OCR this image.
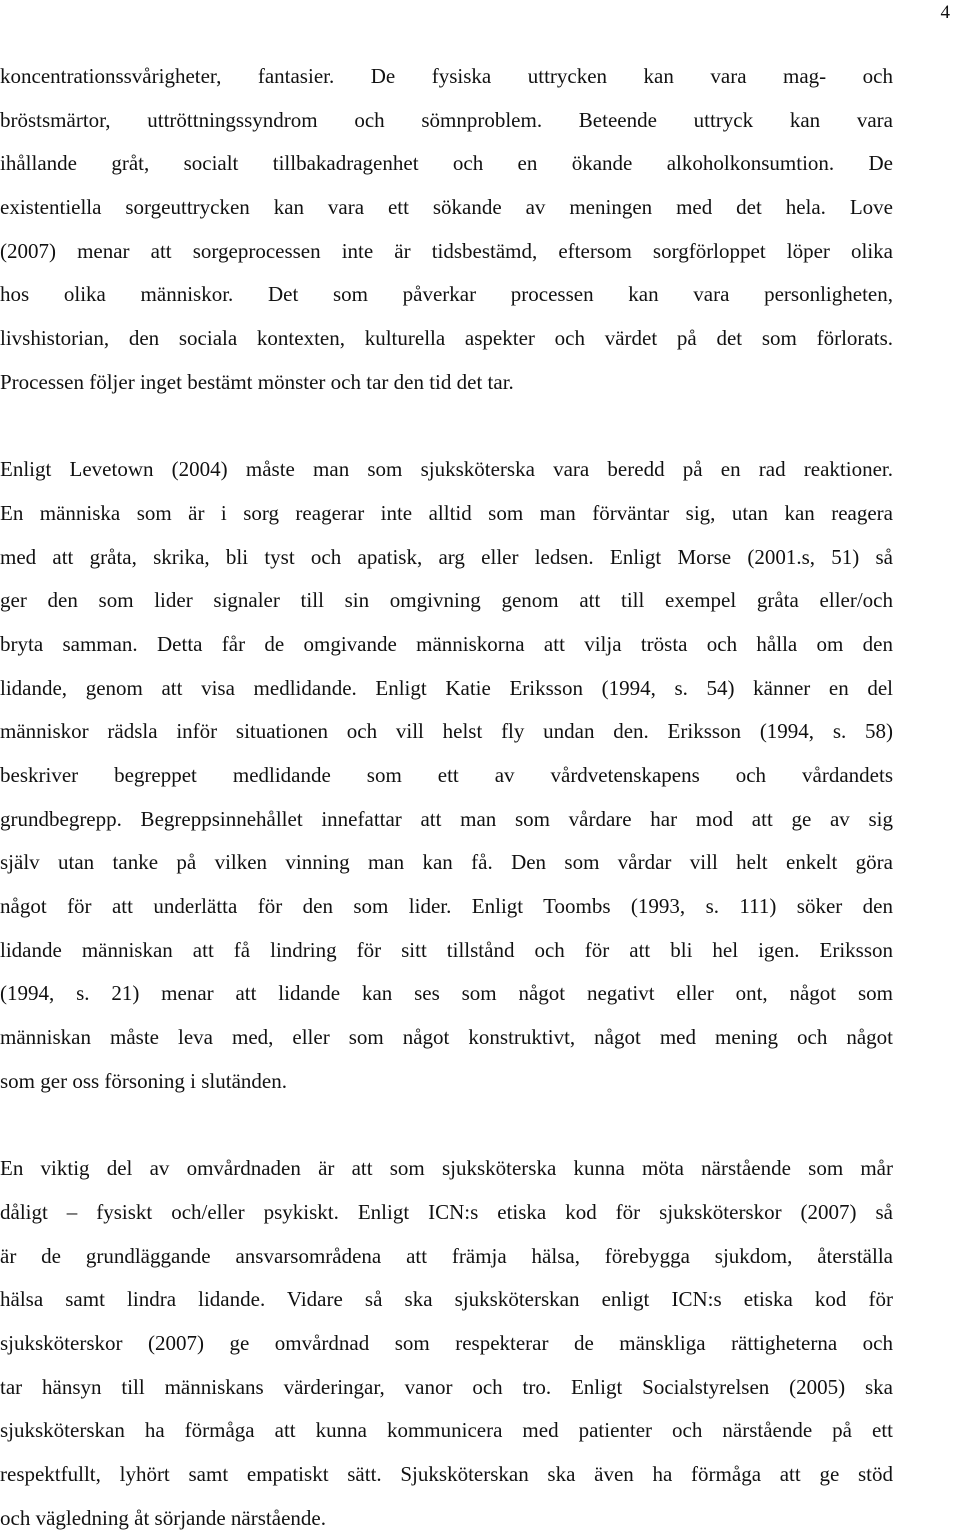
4
koncentrationssvårigheter, fantasier. De fysiska uttrycken kan vara mag- och
bröstsmärtor, uttröttningssyndrom och sömnproblem. Beteende uttryck kan vara
ihållande gråt, socialt tillbakadragenhet och en ökande alkoholkonsumtion. De
existentiella sorgeuttrycken kan vara ett sökande av meningen med det hela. Love
(2007) menar att sorgeprocessen inte är tidsbestämd, eftersom sorgförloppet löper olika
hos olika människor. Det som påverkar processen kan vara personligheten,
livshistorian, den sociala kontexten, kulturella aspekter och värdet på det som förlorats.
Processen följer inget bestämt mönster och tar den tid det tar.
Enligt Levetown (2004) måste man som sjuksköterska vara beredd på en rad reaktioner.
En människa som är i sorg reagerar inte alltid som man förväntar sig, utan kan reagera
med att gråta, skrika, bli tyst och apatisk, arg eller ledsen. Enligt Morse (2001.s, 51) så
ger den som lider signaler till sin omgivning genom att till exempel gråta eller/och
bryta samman. Detta får de omgivande människorna att vilja trösta och hålla om den
lidande, genom att visa medlidande. Enligt Katie Eriksson (1994, s. 54) känner en del
människor rädsla inför situationen och vill helst fly undan den. Eriksson (1994, s. 58)
beskriver begreppet medlidande som ett av vårdvetenskapens och vårdandets
grundbegrepp. Begreppsinnehållet innefattar att man som vårdare har mod att ge av sig
själv utan tanke på vilken vinning man kan få. Den som vårdar vill helt enkelt göra
något för att underlätta för den som lider. Enligt Toombs (1993, s. 111) söker den
lidande människan att få lindring för sitt tillstånd och för att bli hel igen. Eriksson
(1994, s. 21) menar att lidande kan ses som något negativt eller ont, något som
människan måste leva med, eller som något konstruktivt, något med mening och något
som ger oss försoning i slutänden.
En viktig del av omvårdnaden är att som sjuksköterska kunna möta närstående som mår
dåligt – fysiskt och/eller psykiskt. Enligt ICN:s etiska kod för sjuksköterskor (2007) så
är de grundläggande ansvarsområdena att främja hälsa, förebygga sjukdom, återställa
hälsa samt lindra lidande. Vidare så ska sjuksköterskan enligt ICN:s etiska kod för
sjuksköterskor (2007) ge omvårdnad som respekterar de mänskliga rättigheterna och
tar hänsyn till människans värderingar, vanor och tro. Enligt Socialstyrelsen (2005) ska
sjuksköterskan ha förmåga att kunna kommunicera med patienter och närstående på ett
respektfullt, lyhört samt empatiskt sätt. Sjuksköterskan ska även ha förmåga att ge stöd
och vägledning åt sörjande närstående.
